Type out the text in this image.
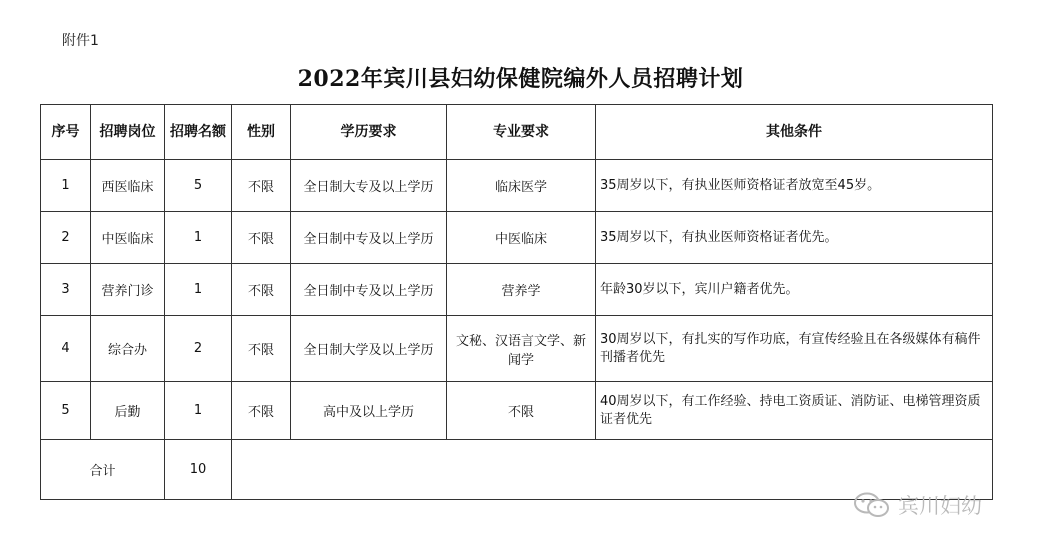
附件1
2022年宾川县妇幼保健院编外人员招聘计划
序号	招聘岗位	招聘名额	性别	学历要求	专业要求	其他条件
1	西医临床	5	不限	全日制大专及以上学历	临床医学	35周岁以下，有执业医师资格证者放宽至45岁。
2	中医临床	1	不限	全日制中专及以上学历	中医临床	35周岁以下，有执业医师资格证者优先。
3	营养门诊	1	不限	全日制中专及以上学历	营养学	年龄30岁以下，宾川户籍者优先。
4	综合办	2	不限	全日制大学及以上学历	文秘、汉语言文学、新闻学	30周岁以下，有扎实的写作功底，有宣传经验且在各级媒体有稿件刊播者优先
5	后勤	1	不限	高中及以上学历	不限	40周岁以下，有工作经验、持电工资质证、消防证、电梯管理资质证者优先
合计		10				
宾川妇幼
